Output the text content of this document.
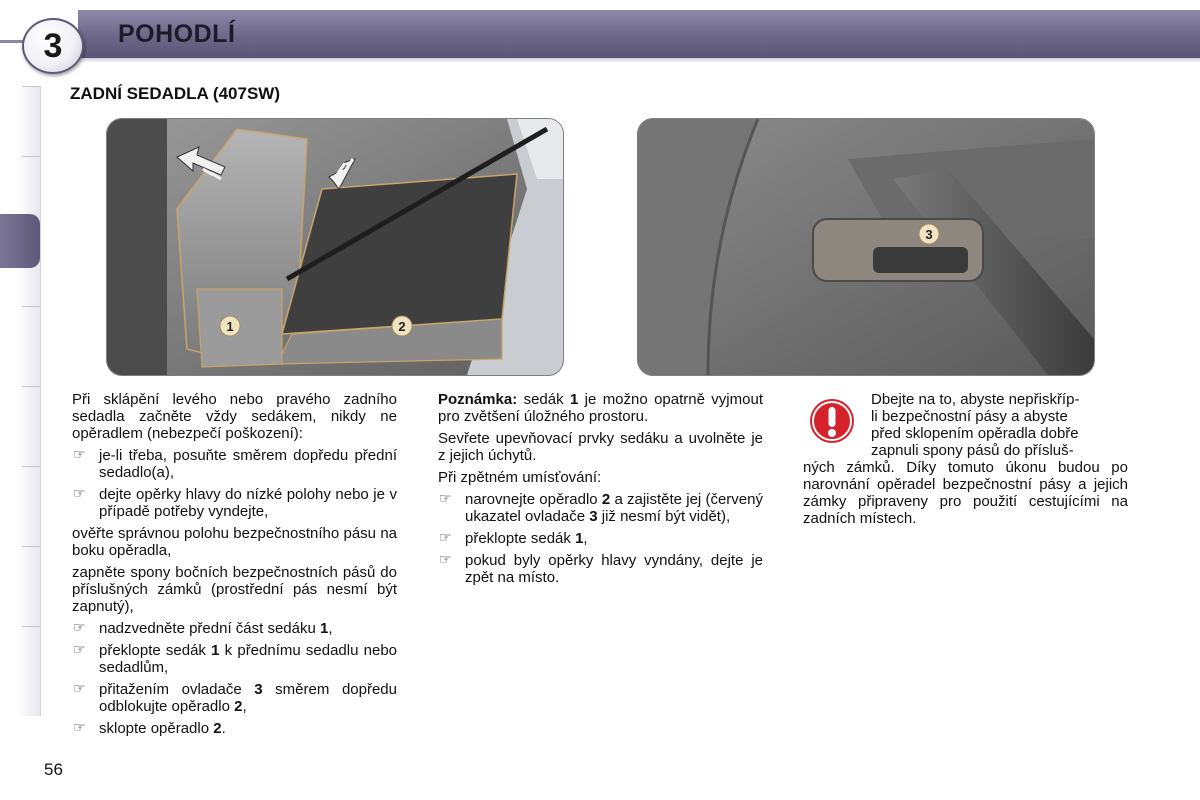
3 POHODLÍ
ZADNÍ SEDADLA (407SW)
1	2
3

Při sklápění levého nebo pravého zadního sedadla začněte vždy sedákem, nikdy ne opěradlem (nebezpečí poškození):

☞ je-li třeba, posuňte směrem dopředu přední sedadlo(a),
☞ dejte opěrky hlavy do nízké polohy nebo je v případě potřeby vyndejte,

ověřte správnou polohu bezpečnostního pásu na boku opěradla,

zapněte spony bočních bezpečnostních pásů do příslušných zámků (prostřední pás nesmí být zapnutý),

☞ nadzvedněte přední část sedáku 1,
☞ překlopte sedák 1 k přednímu sedadlu nebo sedadlům,
☞ přitažením ovladače 3 směrem dopředu odblokujte opěradlo 2,
☞ sklopte opěradlo 2.

Poznámka: sedák 1 je možno opatrně vyjmout pro zvětšení úložného prostoru.

Sevřete upevňovací prvky sedáku a uvolněte je z jejich úchytů.

Při zpětném umísťování:

☞ narovnejte opěradlo 2 a zajistěte jej (červený ukazatel ovladače 3 již nesmí být vidět),
☞ překlopte sedák 1,
☞ pokud byly opěrky hlavy vyndány, dejte je zpět na místo.
Dbejte na to, abyste nepřiskříp-
li bezpečnostní pásy a abyste
před sklopením opěradla dobře
zapnuli spony pásů do přísluš-
ných zámků. Díky tomuto úkonu budou po narovnání opěradel bezpečnostní pásy a jejich zámky připraveny pro použití cestujícími na zadních místech.
56
